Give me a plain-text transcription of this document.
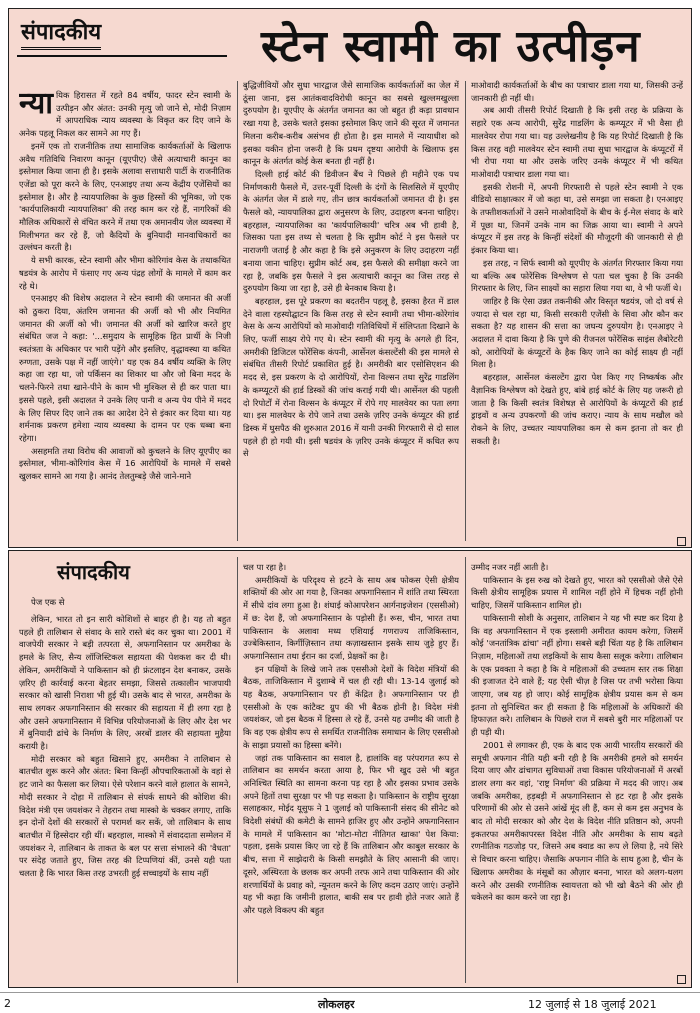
संपादकीय	स्टेन स्वामी का उत्पीड़न

न्या यिक हिरासत में रहते 84 वर्षीय, फादर स्टेन स्वामी के उत्पीड़न और अंतत: उनकी मृत्यु जो जाने से, मोदी निज़ाम में आपराधिक न्याय व्यवस्था के विकृत कर दिए जाने के अनेक पहलू निकल कर सामने आ गए हैं।

इनमें एक तो राजनीतिक तथा सामाजिक कार्यकर्ताओं के खिलाफ अवैध गतिविधि निवारण कानून (यूएपीए) जैसे अत्याचारी कानून का इस्तेमाल किया जाना ही है। इसके अलावा सत्ताधारी पार्टी के राजनीतिक एजेंडा को पूरा करने के लिए, एनआइए तथा अन्य केंद्रीय एजेंसियों का इस्तेमाल है। और है न्यायपालिका के कुछ हिस्सों की भूमिका, जो एक 'कार्यपालिकायी न्यायपालिका' की तरह काम कर रहे हैं, नागरिकों की मौलिक अधिकारों से वंचित करने में तथा एक अमानवीय जेल व्यवस्था में मिलीभगत कर रहे हैं, जो कैदियों के बुनियादी मानवाधिकारों का उल्लंघन करती है।

ये सभी कारक, स्टेन स्वामी और भीमा कोरिगांव केस के तथाकथित षडयंत्र के आरोप में फंसाए गए अन्य पंद्रह लोगों के मामले में काम कर रहे थे।

एनआइए की विशेष अदालत ने स्टेन स्वामी की जमानत की अर्जी को ठुकरा दिया, अंतरिम जमानत की अर्जी को भी और नियमित जमानत की अर्जी को भी। जमानत की अर्जी को खारिज करते हुए संबंधित जज ने कहा: '...समुदाय के सामूहिक हित प्रार्थी के निजी स्वतंत्रता के अधिकार पर भारी पड़ेंगे और इसलिए, वृद्धावस्था या कथित रुग्णता, उसके पक्ष में नहीं जाएंगे।' यह एक 84 वर्षीय व्यक्ति के लिए कहा जा रहा था, जो पर्किंसन का शिकार था और जो बिना मदद के चलने-फिरने तथा खाने-पीने के काम भी मुश्किल से ही कर पाता था। इससे पहले, इसी अदालत ने उनके लिए पानी व अन्य पेय पीने में मदद के लिए सिपर दिए जाने तक का आदेश देने से इंकार कर दिया था। यह शर्मनाक प्रकरण हमेशा न्याय व्यवस्था के दामन पर एक धब्बा बना रहेगा।

असहमति तथा विरोध की आवाजों को कुचलने के लिए यूएपीए का इस्तेमाल, भीमा-कोरिगांव केस में 16 आरोपियों के मामले में सबसे खुलकर सामने आ गया है। आनंद तेलतुम्बड़े जैसे जाने-माने

बुद्धिजीवियों और सुधा भारद्वाज जैसे सामाजिक कार्यकर्ताओं का जेल में ठूंसा जाना, इस आतंकवादविरोधी कानून का सबसे खुल्लमखुल्ला दुरुपयोग है। यूएपीए के अंतर्गत जमानत का जो बहुत ही कड़ा प्रावधान रखा गया है, उसके चलते इसका इस्तेमाल किए जाने की सूरत में जमानत मिलना करीब-करीब असंभव ही होता है। इस मामले में न्यायाधीश को इसका यकीन होना जरूरी है कि प्रथम दृष्टया आरोपी के खिलाफ इस कानून के अंतर्गत कोई केस बनता ही नहीं है।

दिल्ली हाई कोर्ट की डिवीजन बैंच ने पिछले ही महीने एक पथ निर्माणकारी फैसले में, उत्तर-पूर्वी दिल्ली के दंगों के सिलसिले में यूएपीए के अंतर्गत जेल में डाले गए, तीन छात्र कार्यकर्ताओं जमानत दी है। इस फैसले को, न्यायपालिका द्वारा अनुसरण के लिए, उदाहरण बनना चाहिए। बहरहाल, न्यायपालिका का 'कार्यपालिकायी' चरित्र अब भी हावी है, जिसका पता इस तथ्य से चलता है कि सुप्रीम कोर्ट ने इस फैसले पर नाराजगी जताई है और कहा है कि इसे अनुकरण के लिए उदाहरण नहीं बनाया जाना चाहिए। सुप्रीम कोर्ट अब, इस फैसले की समीक्षा करने जा रहा है, जबकि इस फैसले ने इस अत्याचारी कानून का जिस तरह से दुरुपयोग किया जा रहा है, उसे ही बेनकाब किया है।

बहरहाल, इस पूरे प्रकरण का बदतरीन पहलू है, इसका हैरत में डाल देने वाला रहस्योद्घाटन कि किस तरह से स्टेन स्वामी तथा भीमा-कोरेगांव केस के अन्य आरोपियों को माओवादी गतिविधियों में संलिप्तता दिखाने के लिए, फर्जी साक्ष्य रोपे गए थे। स्टेन स्वामी की मृत्यु के अगले ही दिन, अमरीकी डिजिटल फोरेंसिक कंपनी, आर्सेनल कंसल्टेंसी की इस मामले से संबंधित तीसरी रिपोर्ट प्रकाशित हुई है। अमरीकी बार एसोसिएशन की मदद से, इस प्रकरण के दो आरोपियों, रोना विल्सन तथा सुरेंद्र गाडलिंग के कम्प्यूटरों की हार्ड डिस्कों की जांच कराई गयी थी। आर्सेनल की पहली दो रिपोर्टों में रोना विल्सन के कंप्यूटर में रोपे गए मालवेयर का पता लगा था। इस मालवेयर के रोपे जाने तथा उसके ज़रिए उनके कंप्यूटर की हार्ड डिस्क में घुसपैठ की शुरुआत 2016 में यानी उनकी गिरफ्तारी से दो साल पहले ही हो गयी थी। इसी षडयंत्र के ज़रिए उनके कंप्यूटर में कथित रूप से

माओवादी कार्यकर्ताओं के बीच का पत्राचार डाला गया था, जिसकी उन्हें जानकारी ही नहीं थी।

अब आयी तीसरी रिपोर्ट दिखाती है कि इसी तरह के प्रक्रिया के सहारे एक अन्य आरोपी, सुरेंद्र गाडलिंग के कम्प्यूटर में भी वैसा ही मालवेयर रोपा गया था। यह उल्लेखनीय है कि यह रिपोर्ट दिखाती है कि किस तरह वही मालवेयर स्टेन स्वामी तथा सुधा भारद्वाज के कंप्यूटरों में भी रोपा गया था और उसके जरिए उनके कंप्यूटर में भी कथित माओवादी पत्राचार डाला गया था।

इसकी रोशनी में, अपनी गिरफ्तारी से पहले स्टेन स्वामी ने एक वीडियो साक्षात्कार में जो कहा था, उसे समझा जा सकता है। एनआइए के तफ्तीशकर्ताओं ने उसने माओवादियों के बीच के ई-मेल संवाद के बारे में पूछा था, जिनमें उनके नाम का जिक्र आया था। स्वामी ने अपने कंप्यूटर में इस तरह के किन्हीं संदेशों की मौजूदगी की जानकारी से ही इंकार किया था।

इस तरह, न सिर्फ स्वामी को यूएपीए के अंतर्गत गिरफ्तार किया गया था बल्कि अब फोरेंसिक विश्लेषण से पता चल चुका है कि उनकी गिरफ्तार के लिए, जिन साक्ष्यों का सहारा लिया गया था, वे भी फर्जी थे।

जाहिर है कि ऐसा उन्नत तकनीकी और विस्तृत षडयंत्र, जो दो वर्ष से ज्यादा से चल रहा था, किसी सरकारी एजेंसी के सिवा और कौन कर सकता है? यह शासन की सत्ता का जघन्य दुरुपयोग है। एनआइए ने अदालत में दावा किया है कि पुणे की रीजनल फोरेंसिक साइंस लैबोरेटरी को, आरोपियों के कंप्यूटरों के हैक किए जाने का कोई साक्ष्य ही नहीं मिला है।

बहरहाल, आर्सेनल कंसल्टेंग द्वारा पेश किए गए निष्कर्षक और वैज्ञानिक विश्लेषण को देखते हुए, बांबे हाई कोर्ट के लिए यह जरूरी हो जाता है कि किसी स्वतंत्र विशेषज्ञ से आरोपियों के कंप्यूटरों की हार्ड ड्राइवों व अन्य उपकरणों की जांच कराए। न्याय के साथ मखौल को रोकने के लिए, उच्चतर न्यायपालिका कम से कम इतना तो कर ही सकती है।

संपादकीय
पेज एक से

लेकिन, भारत तो इन सारी कोशिशों से बाहर ही है। यह तो बहुत पहले ही तालिबान से संवाद के सारे रास्ते बंद कर चुका था। 2001 में वाजपेयी सरकार ने बड़ी तत्परता से, अफगानिस्तान पर अमरीका के हमले के लिए, सैन्य लॉजिस्टिकल सहायता की पेशकश कर दी थी। लेकिन, अमरीकियों ने पाकिस्तान को ही फ्रंटलाइन देश बनाकर, उसके ज़रिए ही कार्रवाई करना बेहतर समझा, जिससे तत्कालीन भाजपायी सरकार को खासी निराशा भी हुई थी। उसके बाद से भारत, अमरीका के साथ लगकर अफगानिस्तान की सरकार की सहायता में ही लगा रहा है और उसने अफगानिस्तान में विभिन्न परियोजनाओं के लिए और देश भर में बुनियादी ढांचे के निर्माण के लिए, अरबों डालर की सहायता मुहैया करायी है।

मोदी सरकार को बहुत खिसाने हुए, अमरीका ने तालिबान से बातचीत शुरू करने और अंतत: बिना किन्हीं औपचारिकताओं के वहां से हट जाने का फैसला कर लिया। ऐसे परेशान करने वाले हालात के सामने, मोदी सरकार ने दोहा में तालिबान से संपर्क साधने की कोशिश की। विदेश मंत्री एस जयशंकर ने तेहरान तथा मास्को के चक्कर लगाए, ताकि इन दोनों देशों की सरकारों से परामर्श कर सकें, जो तालिबान के साथ बातचीत में हिस्सेदार रही थीं। बहरहाल, मास्को में संवाददाता सम्मेलन में जयशंकर ने, तालिबान के ताकत के बल पर सत्ता संभालने की 'वैधता' पर संदेह जताते हुए, जिस तरह की टिप्पणियां कीं, उनसे यही पता चलता है कि भारत किस तरह उभरती हुई सच्चाइयों के साथ नहीं

चल पा रहा है।

अमरीकियों के परिदृश्य से हटने के साथ अब फोकस ऐसी क्षेत्रीय शक्तियों की ओर आ गया है, जिनका अफगानिस्तान में शांति तथा स्थिरता में सीधे दांव लगा हुआ है। शंघाई कोआपरेशन आर्गनाइजेशन (एससीओ) में छ: देश हैं, जो अफगानिस्तान के पड़ोसी हैं। रूस, चीन, भारत तथा पाकिस्तान के अलावा मध्य एशियाई गणराज्य ताजिकिस्तान, उज्बेकिस्तान, किर्गीज़िस्तान तथा कज़ाखस्तान इसके साथ जुड़े हुए हैं। अफगानिस्तान तथा ईरान का दर्जा, प्रेक्षकों का है।

इन पक्षियों के लिखे जाने तक एससीओ देशों के विदेश मंत्रियों की बैठक, ताजिकिस्तान में दुशाम्बे में चल ही रही थी। 13-14 जुलाई को यह बैठक, अफगानिस्तान पर ही केंद्रित है। अफगानिस्तान पर ही एससीओ के एक कांटैक्ट ग्रुप की भी बैठक होनी है। विदेश मंत्री जयशंकर, जो इस बैठक में हिस्सा ले रहे हैं, उनसे यह उम्मीद की जाती है कि वह एक क्षेत्रीय रूप से समर्थित राजनीतिक समाधान के लिए एससीओ के साझा प्रयासों का हिस्सा बनेंगे।

जहां तक पाकिस्तान का सवाल है, हालांकि वह परंपरागत रूप से तालिबान का समर्थन करता आया है, फिर भी खुद उसे भी बहुत अनिश्चित स्थिति का सामना करना पड़ रहा है और इसका प्रभाव उसके अपने हितों तथा सुरक्षा पर भी पड़ सकता है। पाकिस्तान के राष्ट्रीय सुरक्षा सलाहकार, मोईद यूसुफ ने 1 जुलाई को पाकिस्तानी संसद की सीनेट को विदेशी संबंधों की कमेटी के सामने हाजिर हुए और उन्होंने अफगानिस्तान के मामले में पाकिस्तान का 'मोटा-मोटा नीतिगत खाका' पेश किया: पहला, इसके प्रयास किए जा रहे हैं कि तालिबान और काबुल सरकार के बीच, सत्ता में साझेदारी के किसी समझौते के लिए आसानी की जाए। दूसरे, अस्थिरता के छलक कर अपनी तरफ आने तथा पाकिस्तान की ओर शरणार्थियों के प्रवाह को, न्यूनतम करने के लिए कदम उठाए जाएं। उन्होंने यह भी कहा कि जमीनी हालात, बाकी सब पर हावी होते नजर आते हैं और पहले विकल्प की बहुत

उम्मीद नजर नहीं आती है।

पाकिस्तान के इस रुख को देखते हुए, भारत को एससीओ जैसे ऐसे किसी क्षेत्रीय सामूहिक प्रयास में शामिल नहीं होने में हिचक नहीं होनी चाहिए, जिसमें पाकिस्तान शामिल हो।

पाकिस्तानी सोशी के अनुसार, तालिबान ने यह भी स्पष्ट कर दिया है कि वह अफगानिस्तान में एक इस्लामी अमीरात कायम करेगा, जिसमें कोई 'जनतांत्रिक ढांचा' नहीं होगा। सबसे बड़ी चिंता यह है कि तालिबान निज़ाम, महिलाओं तथा लड़कियों के साथ कैसा सलूक करेगा। तालिबान के एक प्रवक्ता ने कहा है कि वे महिलाओं की उच्चतम स्तर तक शिक्षा की इजाजत देने वाले हैं; यह ऐसी चीज़ है जिस पर तभी भरोसा किया जाएगा, जब यह हो जाए। कोई सामूहिक क्षेत्रीय प्रयास कम से कम इतना तो सुनिश्चित कर ही सकता है कि महिलाओं के अधिकारों की हिफाज़त करे। तालिबान के पिछले राज में सबसे बुरी मार महिलाओं पर ही पड़ी थी।

2001 से लगाकर ही, एक के बाद एक आयी भारतीय सरकारों की समूची अफगान नीति यही बनी रही है कि अमरीकी हमले को समर्थन दिया जाए और ढांचागत सुविधाओं तथा विकास परियोजनाओं में अरबों डालर लगा कर वहां, 'राष्ट्र निर्माण' की प्रक्रिया में मदद की जाए। अब जबकि अमरीका, हड़बड़ी में अफगानिस्तान से हट रहा है और इसके परिणामों की ओर से उसने आंखें मूंद ली हैं, कम से कम इस अनुभव के बाद तो मोदी सरकार को और देश के विदेश नीति प्रतिष्ठान को, अपनी इकतरफा अमरीकापरस्त विदेश नीति और अमरीका के साथ बढ़ते रणनीतिक गठजोड़ पर, जिसने अब क्वाड का रूप ले लिया है, नये सिरे से विचार करना चाहिए। जैसाकि अफगान नीति के साथ हुआ है, चीन के खिलाफ अमरीका के मंसूबों का औज़ार बनना, भारत को अलग-थलग करने और उसकी रणनीतिक स्वायत्तता को भी खो बैठने की ओर ही धकेलने का काम करने जा रहा है।

2	लोकलहर	12 जुलाई से 18 जुलाई 2021
